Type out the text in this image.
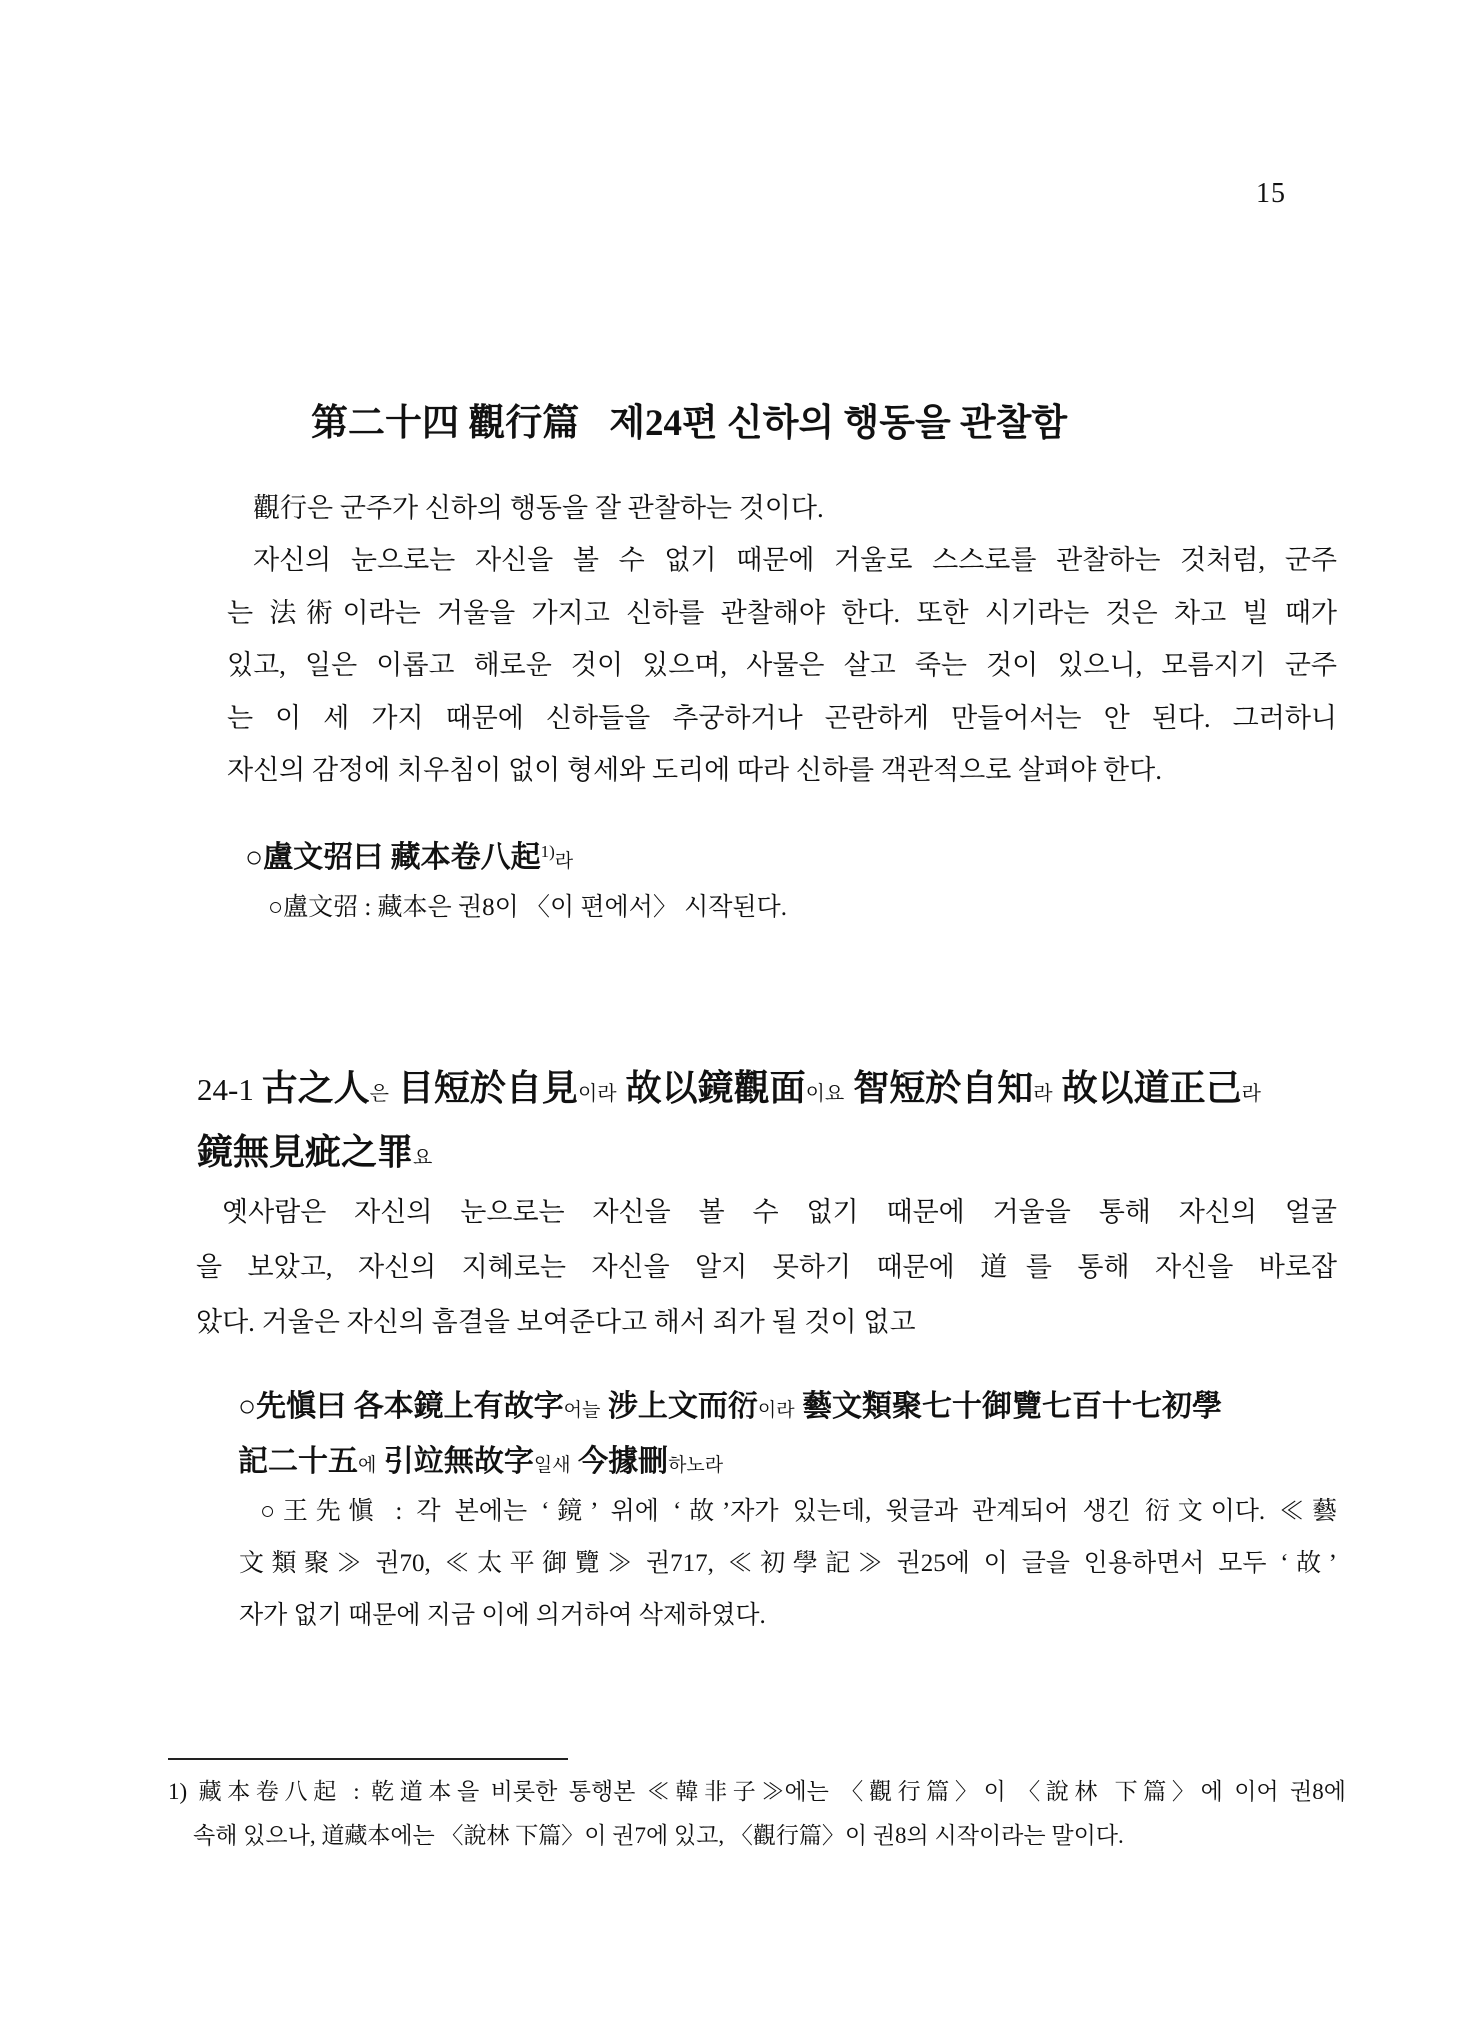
15
第二十四 觀行篇 제24편 신하의 행동을 관찰함
觀行은 군주가 신하의 행동을 잘 관찰하는 것이다.
자신의 눈으로는 자신을 볼 수 없기 때문에 거울로 스스로를 관찰하는 것처럼, 군주
는 法術이라는 거울을 가지고 신하를 관찰해야 한다. 또한 시기라는 것은 차고 빌 때가
있고, 일은 이롭고 해로운 것이 있으며, 사물은 살고 죽는 것이 있으니, 모름지기 군주
는 이 세 가지 때문에 신하들을 추궁하거나 곤란하게 만들어서는 안 된다. 그러하니
자신의 감정에 치우침이 없이 형세와 도리에 따라 신하를 객관적으로 살펴야 한다.
○盧文弨曰 藏本卷八起1)라
○盧文弨 : 藏本은 권8이 〈이 편에서〉 시작된다.
24-1 古之人은 目短於自見이라 故以鏡觀面이요 智短於自知라 故以道正己라
鏡無見疵之罪요
옛사람은 자신의 눈으로는 자신을 볼 수 없기 때문에 거울을 통해 자신의 얼굴
을 보았고, 자신의 지혜로는 자신을 알지 못하기 때문에 道를 통해 자신을 바로잡
았다. 거울은 자신의 흠결을 보여준다고 해서 죄가 될 것이 없고
○先愼曰 各本鏡上有故字어늘 涉上文而衍이라 藝文類聚七十御覽七百十七初學
記二十五에 引竝無故字일새 今據刪하노라
○王先愼 : 각 본에는 ‘鏡’ 위에 ‘故’자가 있는데, 윗글과 관계되어 생긴 衍文이다. ≪藝
文類聚≫ 권70, ≪太平御覽≫ 권717, ≪初學記≫ 권25에 이 글을 인용하면서 모두 ‘故’
자가 없기 때문에 지금 이에 의거하여 삭제하였다.
1) 藏本卷八起 : 乾道本을 비롯한 통행본 ≪韓非子≫에는 〈觀行篇〉이 〈說林 下篇〉에 이어 권8에
속해 있으나, 道藏本에는 〈說林 下篇〉이 권7에 있고, 〈觀行篇〉이 권8의 시작이라는 말이다.
